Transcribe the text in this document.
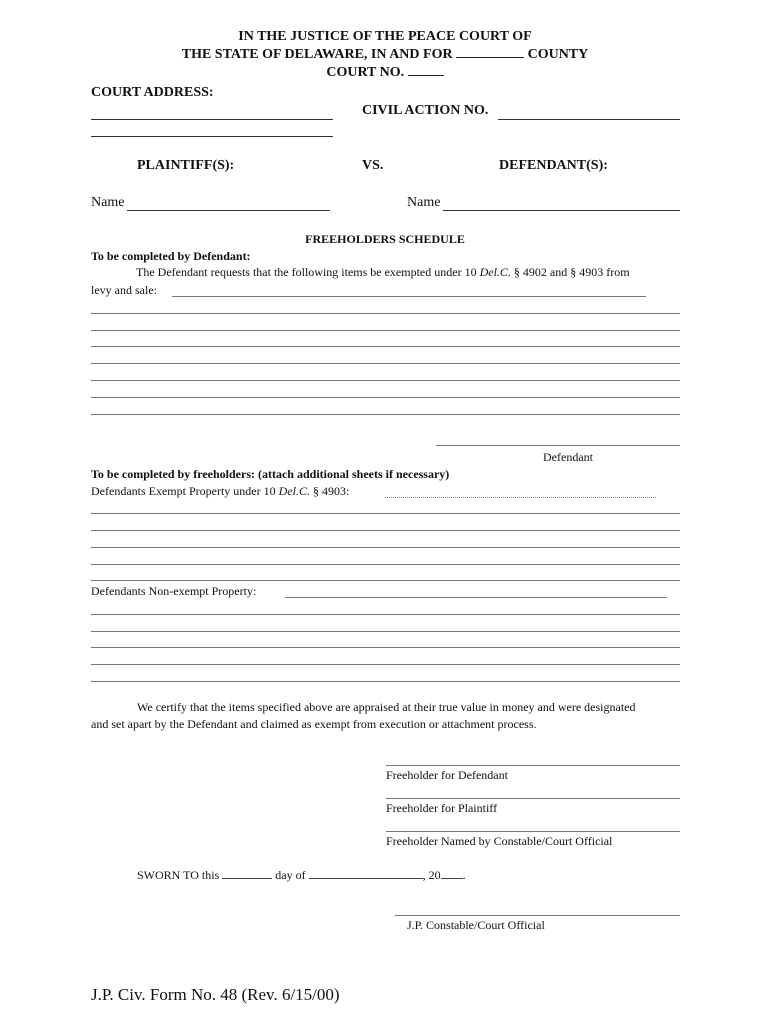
IN THE JUSTICE OF THE PEACE COURT OF
THE STATE OF DELAWARE, IN AND FOR	COUNTY
COURT NO.
COURT ADDRESS:
CIVIL ACTION NO.
PLAINTIFF(S):	VS.	DEFENDANT(S):
Name	Name
FREEHOLDERS SCHEDULE
To be completed by Defendant:
The Defendant requests that the following items be exempted under 10 Del.C. § 4902 and § 4903 from
levy and sale:
Defendant
To be completed by freeholders: (attach additional sheets if necessary)
Defendants Exempt Property under 10 Del.C. § 4903:
Defendants Non-exempt Property:
We certify that the items specified above are appraised at their true value in money and were designated
and set apart by the Defendant and claimed as exempt from execution or attachment process.
Freeholder for Defendant
Freeholder for Plaintiff
Freeholder Named by Constable/Court Official
SWORN TO this	day of	, 20 .
J.P. Constable/Court Official
J.P. Civ. Form No. 48 (Rev. 6/15/00)
